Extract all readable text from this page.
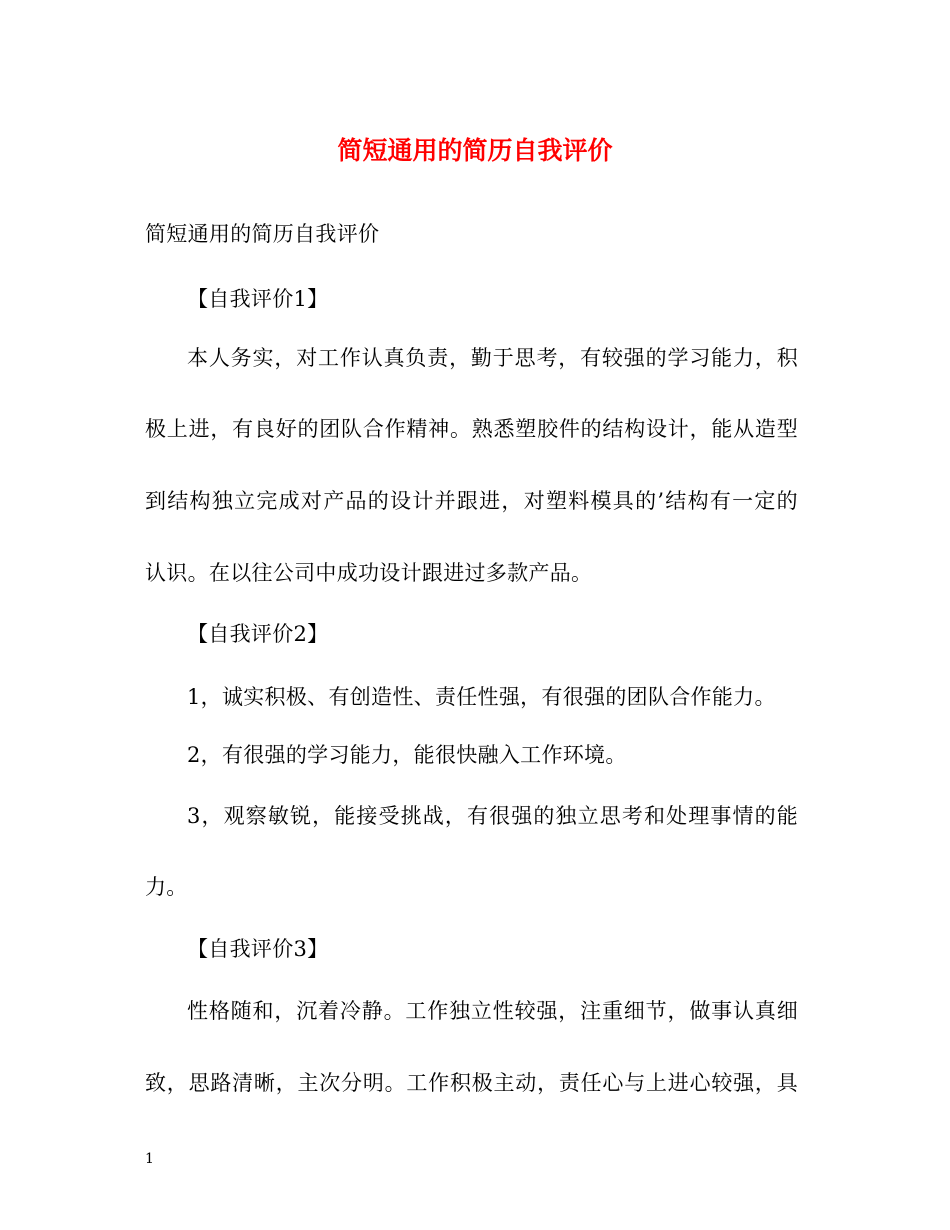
简短通用的简历自我评价
简短通用的简历自我评价
【自我评价1】
本人务实，对工作认真负责，勤于思考，有较强的学习能力，积
极上进，有良好的团队合作精神。熟悉塑胶件的结构设计，能从造型
到结构独立完成对产品的设计并跟进，对塑料模具的’结构有一定的
认识。在以往公司中成功设计跟进过多款产品。
【自我评价2】
1，诚实积极、有创造性、责任性强，有很强的团队合作能力。
2，有很强的学习能力，能很快融入工作环境。
3，观察敏锐，能接受挑战，有很强的独立思考和处理事情的能
力。
【自我评价3】
性格随和，沉着冷静。工作独立性较强，注重细节，做事认真细
致，思路清晰，主次分明。工作积极主动，责任心与上进心较强，具
1
